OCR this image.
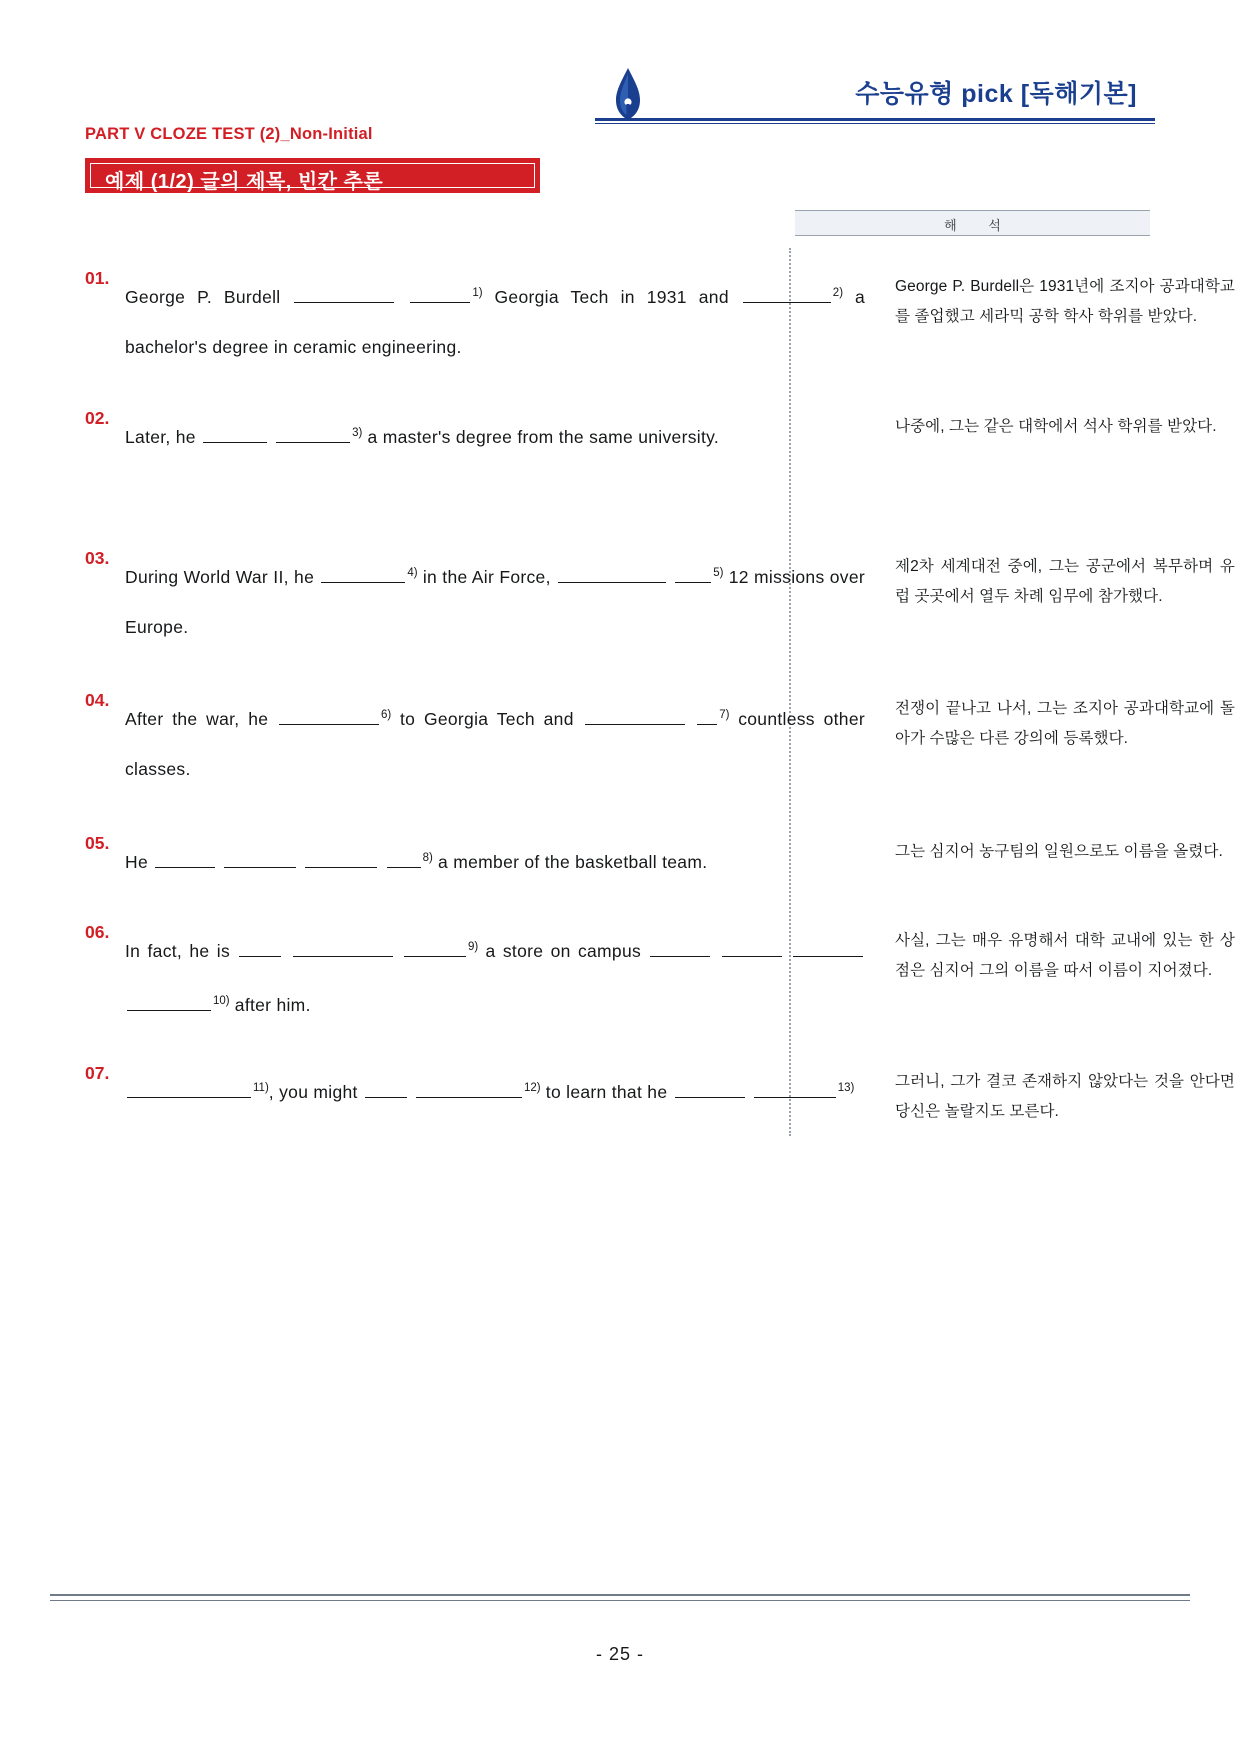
수능유형 pick [독해기본]
PART V CLOZE TEST (2)_Non-Initial
예제 (1/2) 글의 제목, 빈칸 추론
해 석
01.
George P. Burdell	$^{1)}$ Georgia Tech in 1931 and	$^{2)}$ a bachelor's degree in ceramic engineering.
George P. Burdell은 1931년에 조지아 공과대학교를 졸업했고 세라믹 공학 학사 학위를 받았다.
02.
Later, he	$^{3)}$ a master's degree from the same university.
나중에, 그는 같은 대학에서 석사 학위를 받았다.
03.
During World War II, he	$^{4)}$ in the Air Force,	$^{5)}$ 12 missions over Europe.
제2차 세계대전 중에, 그는 공군에서 복무하며 유럽 곳곳에서 열두 차례 임무에 참가했다.
04.
After the war, he	$^{6)}$ to Georgia Tech and	$^{7)}$ countless other classes.
전쟁이 끝나고 나서, 그는 조지아 공과대학교에 돌아가 수많은 다른 강의에 등록했다.
05.
He	$^{8)}$ a member of the basketball team.
그는 심지어 농구팀의 일원으로도 이름을 올렸다.
06.
In fact, he is	$^{9)}$ a store on campus    $^{10)}$ after him.
사실, 그는 매우 유명해서 대학 교내에 있는 한 상점은 심지어 그의 이름을 따서 이름이 지어졌다.
07.
$^{11)}$, you might	$^{12)}$ to learn that he	$^{13)}$	그러니, 그가 결코 존재하지 않았다는 것을 안다면 당신은 놀랄지도 모른다.
- 25 -
